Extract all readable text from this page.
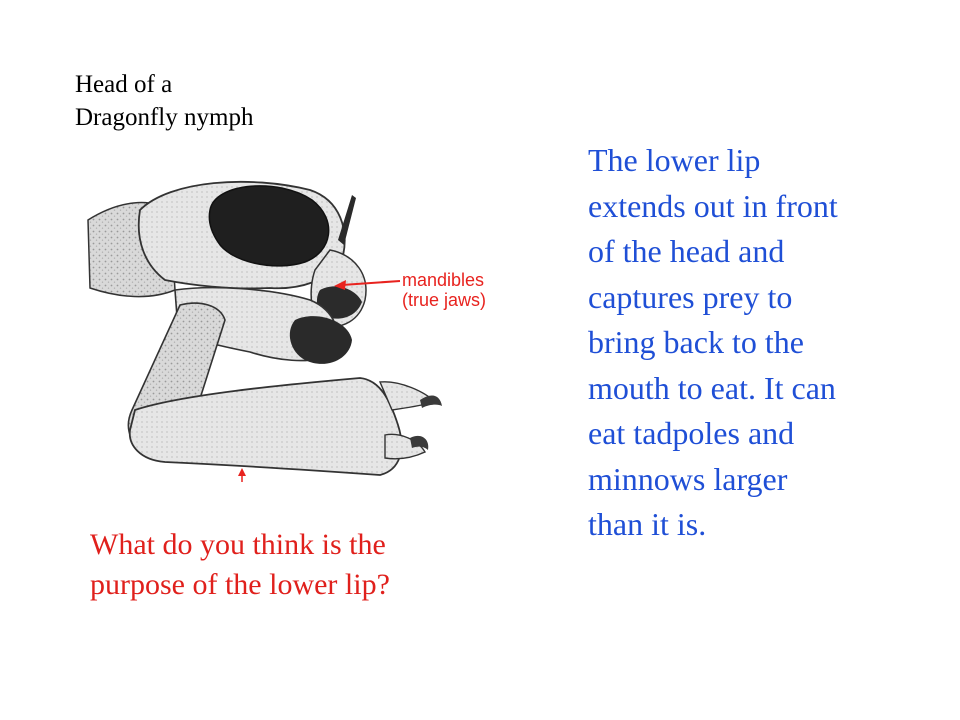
Head of a
Dragonfly nymph
mandibles
(true jaws)
The lower lip
extends out in front
of the head and
captures prey to
bring back to the
mouth to eat. It can
eat tadpoles and
minnows larger
than it is.
What do you think is the
purpose of the lower lip?
